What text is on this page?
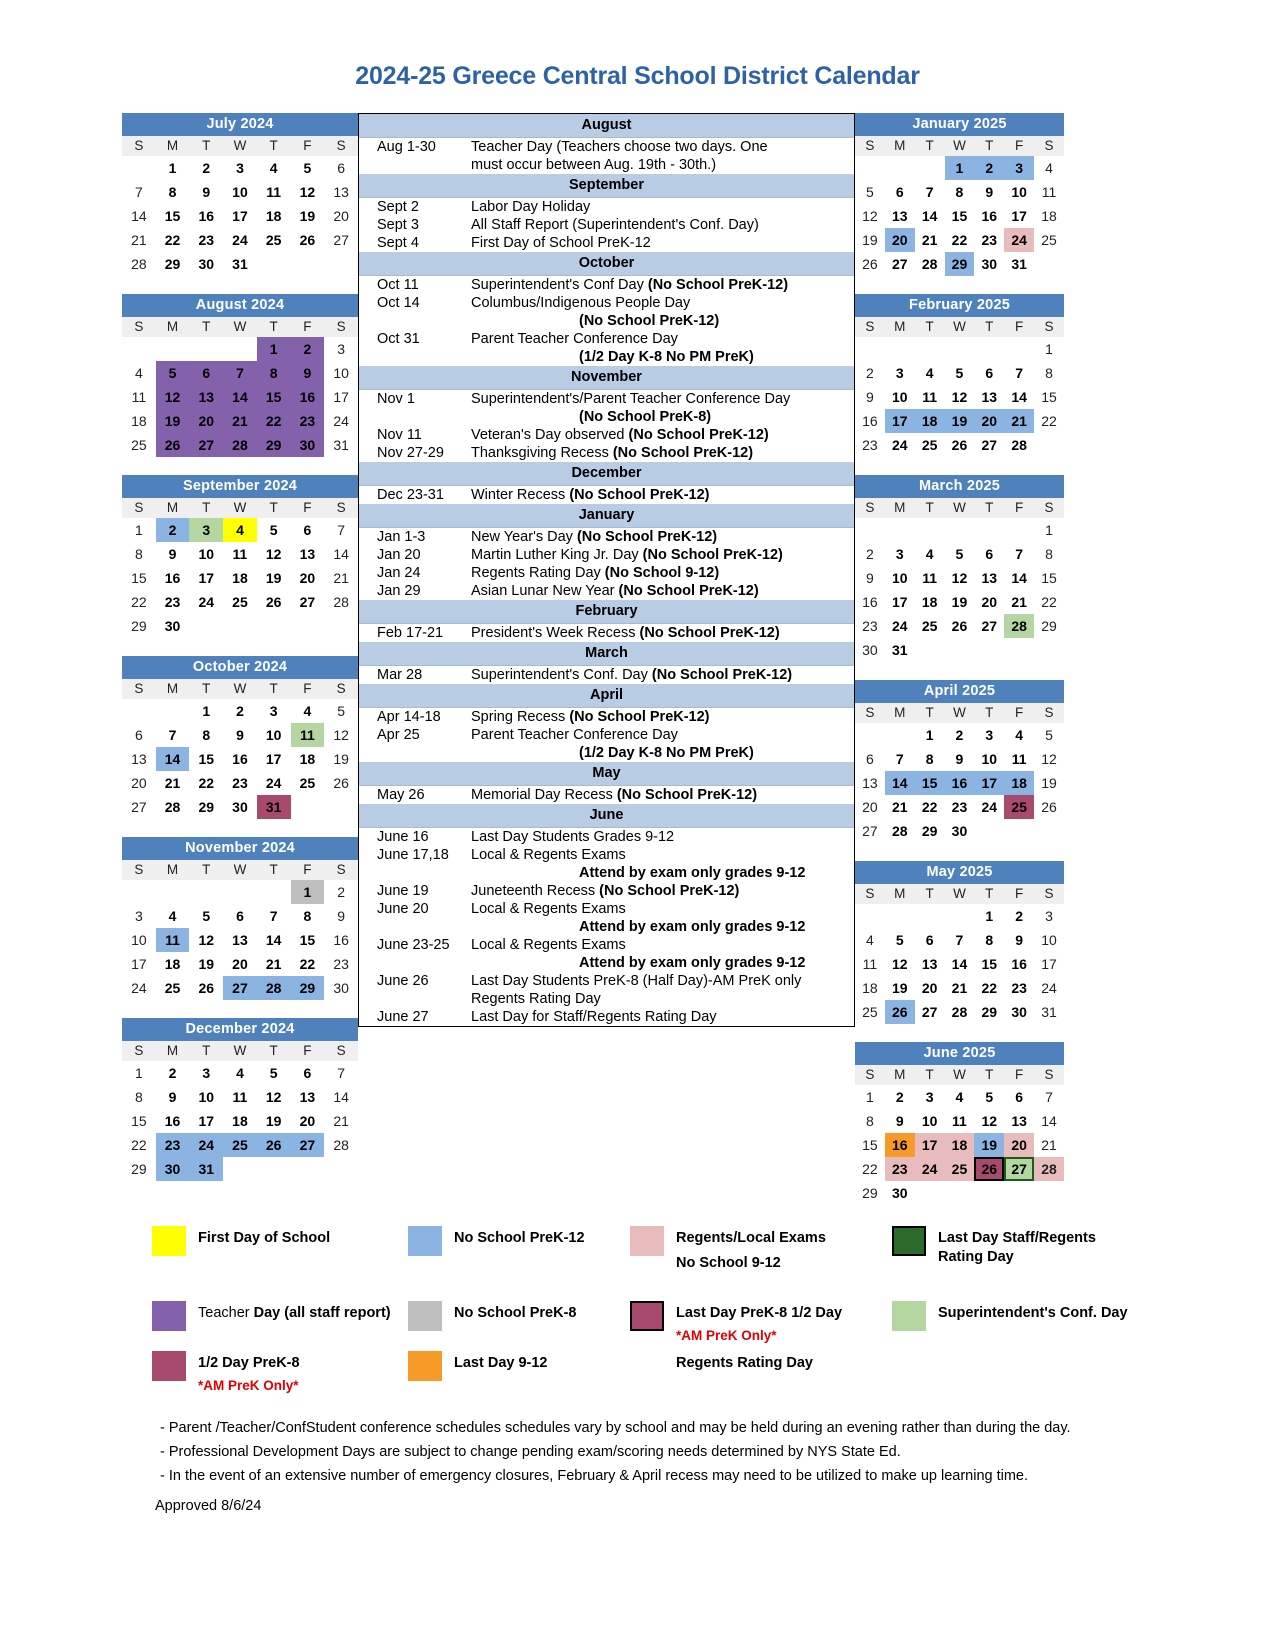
2024-25 Greece Central School District Calendar
July 2024						
S	M	T	W	T	F	S
	1	2	3	4	5	6
7	8	9	10	11	12	13
14	15	16	17	18	19	20
21	22	23	24	25	26	27
28	29	30	31			
August 2024						
S	M	T	W	T	F	S
				1	2	3
4	5	6	7	8	9	10
11	12	13	14	15	16	17
18	19	20	21	22	23	24
25	26	27	28	29	30	31
September 2024						
S	M	T	W	T	F	S
1	2	3	4	5	6	7
8	9	10	11	12	13	14
15	16	17	18	19	20	21
22	23	24	25	26	27	28
29	30					
October 2024						
S	M	T	W	T	F	S
		1	2	3	4	5
6	7	8	9	10	11	12
13	14	15	16	17	18	19
20	21	22	23	24	25	26
27	28	29	30	31		
November 2024						
S	M	T	W	T	F	S
					1	2
3	4	5	6	7	8	9
10	11	12	13	14	15	16
17	18	19	20	21	22	23
24	25	26	27	28	29	30
December 2024						
S	M	T	W	T	F	S
1	2	3	4	5	6	7
8	9	10	11	12	13	14
15	16	17	18	19	20	21
22	23	24	25	26	27	28
29	30	31				
August
Aug 1-30	Teacher Day (Teachers choose two days. One
must occur between Aug. 19th - 30th.)
September
Sept 2	Labor Day Holiday
Sept 3	All Staff Report (Superintendent's Conf. Day)
Sept 4	First Day of School PreK-12
October
Oct 11	Superintendent's Conf Day (No School PreK-12)
Oct 14	Columbus/Indigenous People Day
(No School PreK-12)
Oct 31	Parent Teacher Conference Day
(1/2 Day K-8 No PM PreK)
November
Nov 1	Superintendent's/Parent Teacher Conference Day
(No School PreK-8)
Nov 11	Veteran's Day observed (No School PreK-12)
Nov 27-29	Thanksgiving Recess (No School PreK-12)
December
Dec 23-31	Winter Recess (No School PreK-12)
January
Jan 1-3	New Year's Day (No School PreK-12)
Jan 20	Martin Luther King Jr. Day (No School PreK-12)
Jan 24	Regents Rating Day (No School 9-12)
Jan 29	Asian Lunar New Year (No School PreK-12)
February
Feb 17-21	President's Week Recess (No School PreK-12)
March
Mar 28	Superintendent's Conf. Day (No School PreK-12)
April
Apr 14-18	Spring Recess (No School PreK-12)
Apr 25	Parent Teacher Conference Day
(1/2 Day K-8 No PM PreK)
May
May 26	Memorial Day Recess (No School PreK-12)
June
June 16	Last Day Students Grades 9-12
June 17,18	Local & Regents Exams
Attend by exam only grades 9-12
June 19	Juneteenth Recess (No School PreK-12)
June 20	Local & Regents Exams
Attend by exam only grades 9-12
June 23-25	Local & Regents Exams
Attend by exam only grades 9-12
June 26	Last Day Students PreK-8 (Half Day)-AM PreK only
Regents Rating Day
June 27	Last Day for Staff/Regents Rating Day
January 2025						
S	M	T	W	T	F	S
			1	2	3	4
5	6	7	8	9	10	11
12	13	14	15	16	17	18
19	20	21	22	23	24	25
26	27	28	29	30	31	
February 2025						
S	M	T	W	T	F	S
						1
2	3	4	5	6	7	8
9	10	11	12	13	14	15
16	17	18	19	20	21	22
23	24	25	26	27	28	
March 2025						
S	M	T	W	T	F	S
						1
2	3	4	5	6	7	8
9	10	11	12	13	14	15
16	17	18	19	20	21	22
23	24	25	26	27	28	29
30	31					
April 2025						
S	M	T	W	T	F	S
		1	2	3	4	5
6	7	8	9	10	11	12
13	14	15	16	17	18	19
20	21	22	23	24	25	26
27	28	29	30			
May 2025						
S	M	T	W	T	F	S
				1	2	3
4	5	6	7	8	9	10
11	12	13	14	15	16	17
18	19	20	21	22	23	24
25	26	27	28	29	30	31
June 2025						
S	M	T	W	T	F	S
1	2	3	4	5	6	7
8	9	10	11	12	13	14
15	16	17	18	19	20	21
22	23	24	25	26	27	28
29	30					
First Day of School	No School PreK-12	Regents/Local Exams
No School 9-12
Last Day Staff/Regents Rating Day
Teacher Day (all staff report)	No School PreK-8	Last Day PreK-8 1/2 Day
*AM PreK Only*
Superintendent's Conf. Day
1/2 Day PreK-8
*AM PreK Only*
Last Day 9-12	Regents Rating Day
- Parent /Teacher/ConfStudent conference schedules schedules vary by school and may be held during an evening rather than during the day.
- Professional Development Days are subject to change pending exam/scoring needs determined by NYS State Ed.
- In the event of an extensive number of emergency closures, February & April recess may need to be utilized to make up learning time.
Approved 8/6/24
